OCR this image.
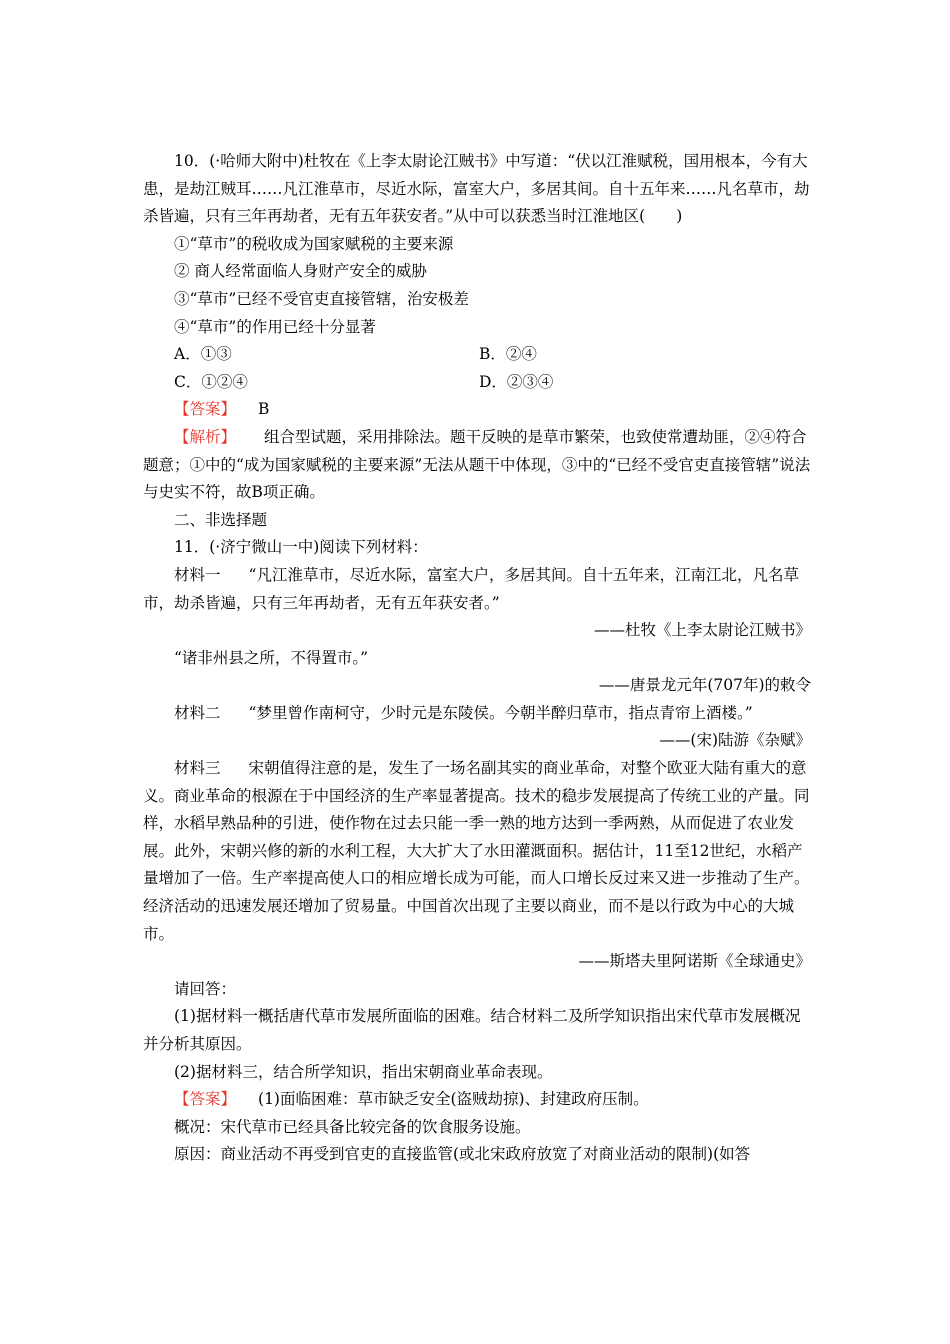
10．(·哈师大附中)杜牧在《上李太尉论江贼书》中写道：“伏以江淮赋税，国用根本，今有大患，是劫江贼耳……凡江淮草市，尽近水际，富室大户，多居其间。自十五年来……凡名草市，劫杀皆遍，只有三年再劫者，无有五年获安者。”从中可以获悉当时江淮地区(　　)

①“草市”的税收成为国家赋税的主要来源

② 商人经常面临人身财产安全的威胁

③“草市”已经不受官吏直接管辖，治安极差

④“草市”的作用已经十分显著

A．①③	B．②④
C．①②④	D．②③④

【答案】 B

【解析】 组合型试题，采用排除法。题干反映的是草市繁荣，也致使常遭劫匪，②④符合题意；①中的“成为国家赋税的主要来源”无法从题干中体现，③中的“已经不受官吏直接管辖”说法与史实不符，故B项正确。

二、非选择题

11．(·济宁微山一中)阅读下列材料：

材料一 “凡江淮草市，尽近水际，富室大户，多居其间。自十五年来，江南江北，凡名草市，劫杀皆遍，只有三年再劫者，无有五年获安者。”

——杜牧《上李太尉论江贼书》

“诸非州县之所，不得置市。”

——唐景龙元年(707年)的敕令

材料二 “梦里曾作南柯守，少时元是东陵侯。今朝半醉归草市，指点青帘上酒楼。”

——(宋)陆游《杂赋》

材料三 宋朝值得注意的是，发生了一场名副其实的商业革命，对整个欧亚大陆有重大的意义。商业革命的根源在于中国经济的生产率显著提高。技术的稳步发展提高了传统工业的产量。同样，水稻早熟品种的引进，使作物在过去只能一季一熟的地方达到一季两熟，从而促进了农业发展。此外，宋朝兴修的新的水利工程，大大扩大了水田灌溉面积。据估计，11至12世纪，水稻产量增加了一倍。生产率提高使人口的相应增长成为可能，而人口增长反过来又进一步推动了生产。经济活动的迅速发展还增加了贸易量。中国首次出现了主要以商业，而不是以行政为中心的大城市。

——斯塔夫里阿诺斯《全球通史》

请回答：

(1)据材料一概括唐代草市发展所面临的困难。结合材料二及所学知识指出宋代草市发展概况并分析其原因。

(2)据材料三，结合所学知识，指出宋朝商业革命表现。

【答案】 (1)面临困难：草市缺乏安全(盗贼劫掠)、封建政府压制。

概况：宋代草市已经具备比较完备的饮食服务设施。

原因：商业活动不再受到官吏的直接监管(或北宋政府放宽了对商业活动的限制)(如答
